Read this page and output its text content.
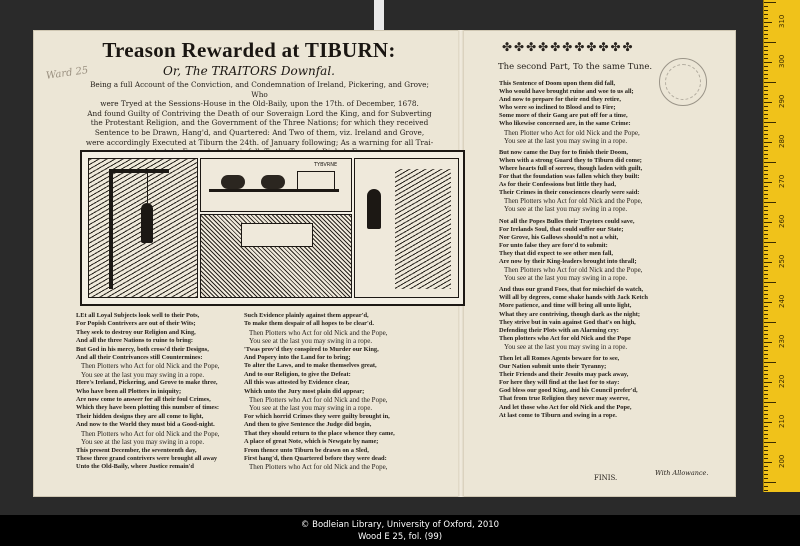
310
300
290
280
270
260
250
240
230
220
210
200
Ward 25
Treason Rewarded at TIBURN:
Or, The TRAITORS Downfal.
Being a full Account of the Conviction, and Condemnation of Ireland, Pickering, and Grove; Who
were Tryed at the Sessions-House in the Old-Baily, upon the 17th. of December, 1678.
And found Guilty of Contriving the Death of our Soveraign Lord the King, and for Subverting
the Protestant Religion, and the Government of the Three Nations; for which they received
Sentence to be Drawn, Hang'd, and Quartered: And Two of them, viz. Ireland and Grove,
were accordingly Executed at Tiburn the 24th. of January following; As a warning for all Trai-
TYBVRNE
LEt all Loyal Subjects look well to their Pots,
For Popish Contrivers are out of their Wits;
They seek to destroy our Religion and King,
And all the three Nations to ruine to bring:
But God in his mercy, both cross'd their Designs,
And all their Contrivances still Countermines:
Then Plotters who Act for old Nick and the Pope,
You see at the last you may swing in a rope.
Here's Ireland, Pickering, and Grove to make three,
Who have been all Plotters in iniquity;
Are now come to answer for all their foul Crimes,
Which they have been plotting this number of times:
Their hidden designs they are all come to light,
And now to the World they must bid a Good-night.
Then Plotters who Act for old Nick and the Pope,
You see at the last you may swing in a rope.
This present December, the seventeenth day,
These three grand contrivers were brought all away
Unto the Old-Baily, where Justice remain'd
Such Evidence plainly against them appear'd,
To make them despair of all hopes to be clear'd.
Then Plotters who Act for old Nick and the Pope,
You see at the last you may swing in a rope.
'Twas prov'd they conspired to Murder our King,
And Popery into the Land for to bring;
To alter the Laws, and to make themselves great,
And to our Religion, to give the Defeat:
All this was attested by Evidence clear,
Which unto the Jury most plain did appear;
Then Plotters who Act for old Nick and the Pope,
You see at the last you may swing in a rope.
For which horrid Crimes they were guilty brought in,
And then to give Sentence the Judge did begin,
That they should return to the place whence they came,
A place of great Note, which is Newgate by name;
From thence unto Tiburn be drawn on a Sled,
First hang'd, then Quartered before they were dead:
Then Plotters who Act for old Nick and the Pope,
✤✤✤✤✤✤✤✤✤✤✤
The second Part, To the same Tune.
This Sentence of Doom upon them did fall,
Who would have brought ruine and woe to us all;
And now to prepare for their end they retire,
Who were so inclined to Blood and to Fire;
Some more of their Gang are put off for a time,
Who likewise concerned are, in the same Crime:
Then Plotter who Act for old Nick and the Pope,
You see at the last you may swing in a rope.

But now came the Day for to finish their Doom,
When with a strong Guard they to Tiburn did come;
Where hearts full of sorrow, though laden with guilt,
For that the foundation was fallen which they built:
As for their Confessions but little they had,
Their Crimes in their consciences clearly were said:
Then Plotters who Act for old Nick and the Pope,
You see at the last you may swing in a rope.

Not all the Popes Bulles their Traytors could save,
For Irelands Soul, that could suffer our State;
Nor Grove, his Gallows should'n not a whit,
For unto false they are fore'd to submit:
They that did expect to see other men fall,
Are now by their King-leaders brought into thrall;
Then Plotters who Act for old Nick and the Pope,
You see at the last you may swing in a rope.

And thus our grand Foes, that for mischief do watch,
Will all by degrees, come shake hands with Jack Ketch
More patience, and time will bring all unto light,
What they are contriving, though dark as the night;
They strive but in vain against God that's on high,
Defending their Plots with an Alarming cry:
Then plotters who Act for old Nick and the Pope
You see at the last you may swing in a rope.

Then let all Romes Agents beware for to see,
Our Nation submit unto their Tyranny;
Their Friends and their Jesuits may pack away,
For here they will find at the last for to stay:
God bless our good King, and his Council prefer'd,
That from true Religion they never may swerve,
And let those who Act for old Nick and the Pope,
At last come to Tiburn and swing in a rope.
FINIS.
With Allowance.
© Bodleian Library, University of Oxford, 2010
Wood E 25, fol. (99)
